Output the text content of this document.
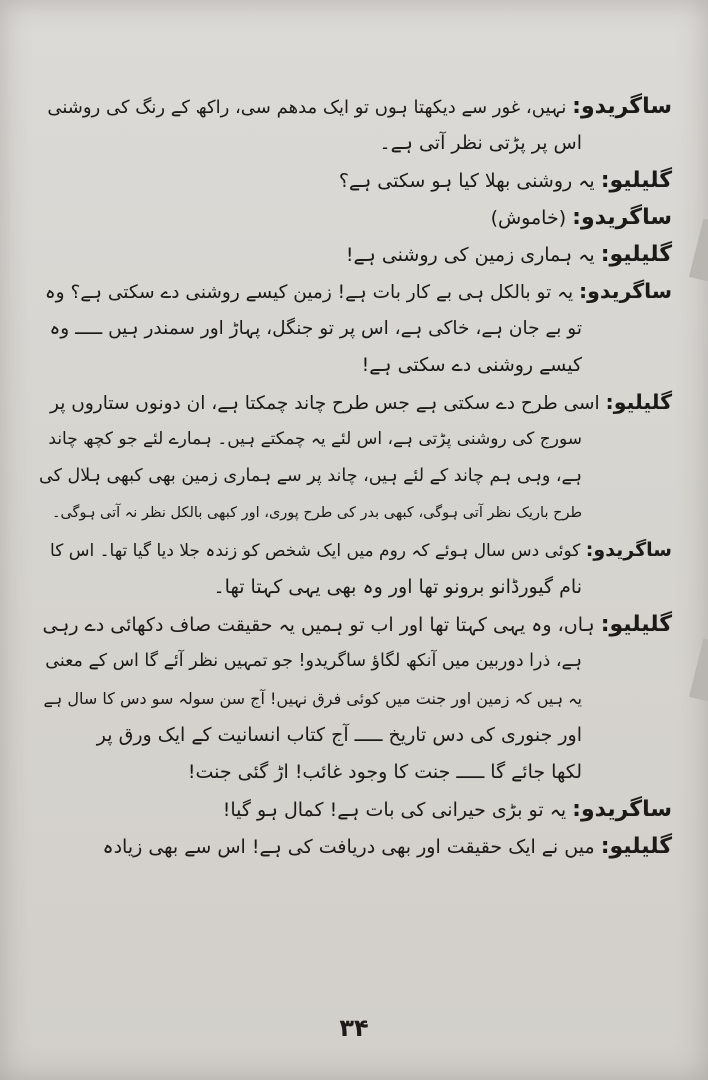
ساگریدو: نہیں، غور سے دیکھتا ہوں تو ایک مدھم سی، راکھ کے رنگ کی روشنی
اس پر پڑتی نظر آتی ہے۔
گلیلیو: یہ روشنی بھلا کیا ہو سکتی ہے؟
ساگریدو: (خاموش)
گلیلیو: یہ ہماری زمین کی روشنی ہے!
ساگریدو: یہ تو بالکل ہی بے کار بات ہے! زمین کیسے روشنی دے سکتی ہے؟ وہ
تو بے جان ہے، خاکی ہے، اس پر تو جنگل، پہاڑ اور سمندر ہیں ـــــ وہ
کیسے روشنی دے سکتی ہے!
گلیلیو: اسی طرح دے سکتی ہے جس طرح چاند چمکتا ہے، ان دونوں ستاروں پر
سورج کی روشنی پڑتی ہے، اس لئے یہ چمکتے ہیں۔ ہمارے لئے جو کچھ چاند
ہے، وہی ہم چاند کے لئے ہیں، چاند پر سے ہماری زمین بھی کبھی ہلال کی
طرح باریک نظر آتی ہوگی، کبھی بدر کی طرح پوری، اور کبھی بالکل نظر نہ آتی ہوگی۔
ساگریدو: کوئی دس سال ہوئے کہ روم میں ایک شخص کو زندہ جلا دیا گیا تھا۔ اس کا
نام گیورڈانو برونو تھا اور وہ بھی یہی کہتا تھا۔
گلیلیو: ہاں، وہ یہی کہتا تھا اور اب تو ہمیں یہ حقیقت صاف دکھائی دے رہی
ہے، ذرا دوربین میں آنکھ لگاؤ ساگریدو! جو تمہیں نظر آئے گا اس کے معنی
یہ ہیں کہ زمین اور جنت میں کوئی فرق نہیں! آج سن سولہ سو دس کا سال ہے
اور جنوری کی دس تاریخ ـــــ آج کتاب انسانیت کے ایک ورق پر
لکھا جائے گا ـــــ جنت کا وجود غائب! اڑ گئی جنت!
ساگریدو: یہ تو بڑی حیرانی کی بات ہے! کمال ہو گیا!
گلیلیو: میں نے ایک حقیقت اور بھی دریافت کی ہے! اس سے بھی زیادہ
۳۴
